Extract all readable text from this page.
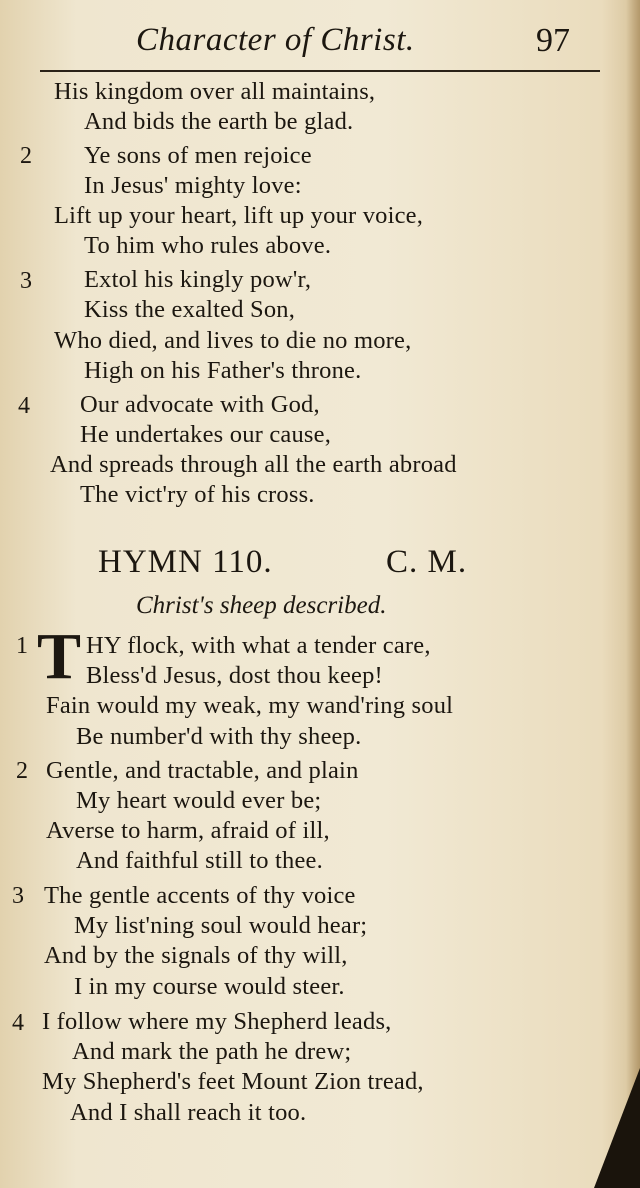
Character of Christ.	97
His kingdom over all maintains,
And bids the earth be glad.
2 Ye sons of men rejoice
In Jesus' mighty love:
Lift up your heart, lift up your voice,
To him who rules above.
3 Extol his kingly pow'r,
Kiss the exalted Son,
Who died, and lives to die no more,
High on his Father's throne.
4 Our advocate with God,
He undertakes our cause,
And spreads through all the earth abroad
The vict'ry of his cross.
HYMN 110.	C. M.
Christ's sheep described.
1 T HY flock, with what a tender care,
Bless'd Jesus, dost thou keep!
Fain would my weak, my wand'ring soul
Be number'd with thy sheep.
2 Gentle, and tractable, and plain
My heart would ever be;
Averse to harm, afraid of ill,
And faithful still to thee.
3 The gentle accents of thy voice
My list'ning soul would hear;
And by the signals of thy will,
I in my course would steer.
4 I follow where my Shepherd leads,
And mark the path he drew;
My Shepherd's feet Mount Zion tread,
And I shall reach it too.
